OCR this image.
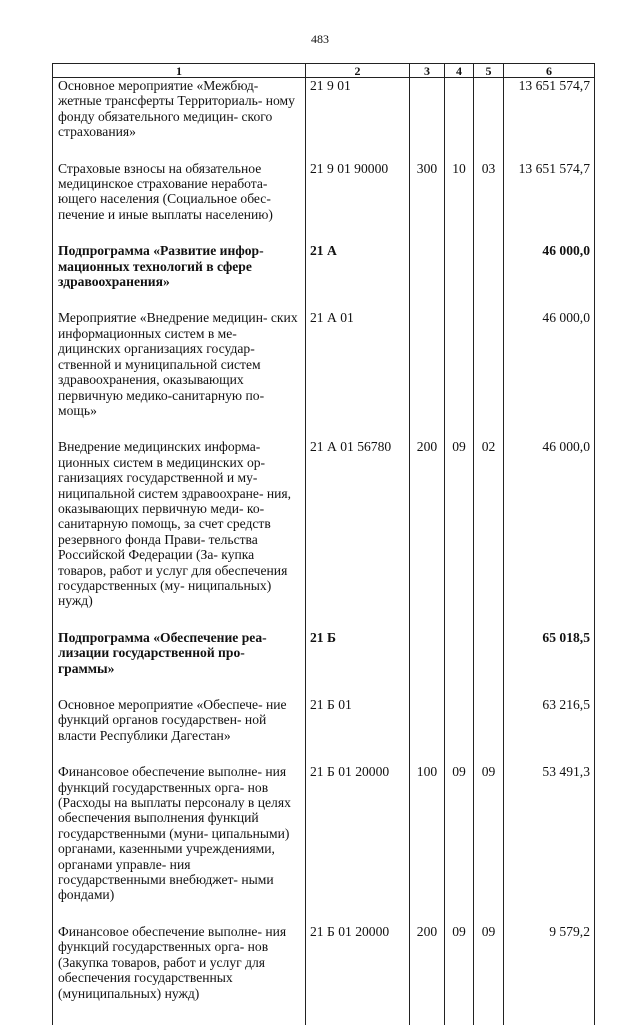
483
1	2	3	4	5	6
Основное мероприятие «Межбюд- жетные трансферты Территориаль- ному фонду обязательного медицин- ского страхования»	21 9 01				13 651 574,7
Страховые взносы на обязательное медицинское страхование неработа- ющего населения (Социальное обес- печение и иные выплаты населению)	21 9 01 90000	300	10	03	13 651 574,7
Подпрограмма «Развитие инфор- мационных технологий в сфере здравоохранения»	21 А				46 000,0
Мероприятие «Внедрение медицин- ских информационных систем в ме- дицинских организациях государ- ственной и муниципальной систем здравоохранения, оказывающих первичную медико-санитарную по- мощь»	21 А 01				46 000,0
Внедрение медицинских информа- ционных систем в медицинских ор- ганизациях государственной и му- ниципальной систем здравоохране- ния, оказывающих первичную меди- ко-санитарную помощь, за счет средств резервного фонда Прави- тельства Российской Федерации (За- купка товаров, работ и услуг для обеспечения государственных (му- ниципальных) нужд)	21 А 01 56780	200	09	02	46 000,0
Подпрограмма «Обеспечение реа- лизации государственной про- граммы»	21 Б				65 018,5
Основное мероприятие «Обеспече- ние функций органов государствен- ной власти Республики Дагестан»	21 Б 01				63 216,5
Финансовое обеспечение выполне- ния функций государственных орга- нов (Расходы на выплаты персоналу в целях обеспечения выполнения функций государственными (муни- ципальными) органами, казенными учреждениями, органами управле- ния государственными внебюджет- ными фондами)	21 Б 01 20000	100	09	09	53 491,3
Финансовое обеспечение выполне- ния функций государственных орга- нов (Закупка товаров, работ и услуг для обеспечения государственных (муниципальных) нужд)	21 Б 01 20000	200	09	09	9 579,2
